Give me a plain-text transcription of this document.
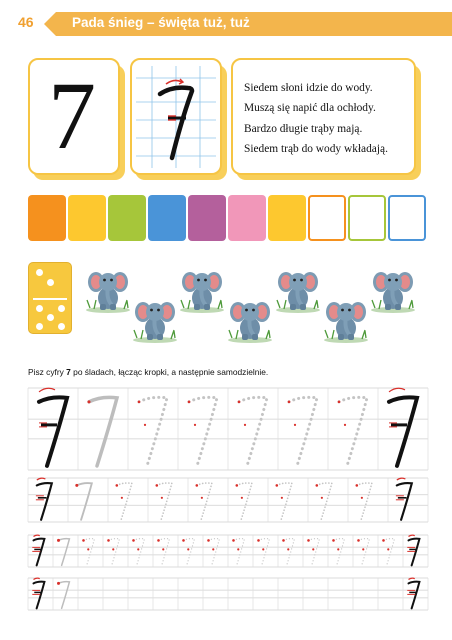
46	Pada śnieg – święta tuż, tuż
7	Siedem słoni idzie do wody.
Muszą się napić dla ochłody.
Bardzo długie trąby mają.
Siedem trąb do wody wkładają.
Pisz cyfry 7 po śladach, łącząc kropki, a następnie samodzielnie.
